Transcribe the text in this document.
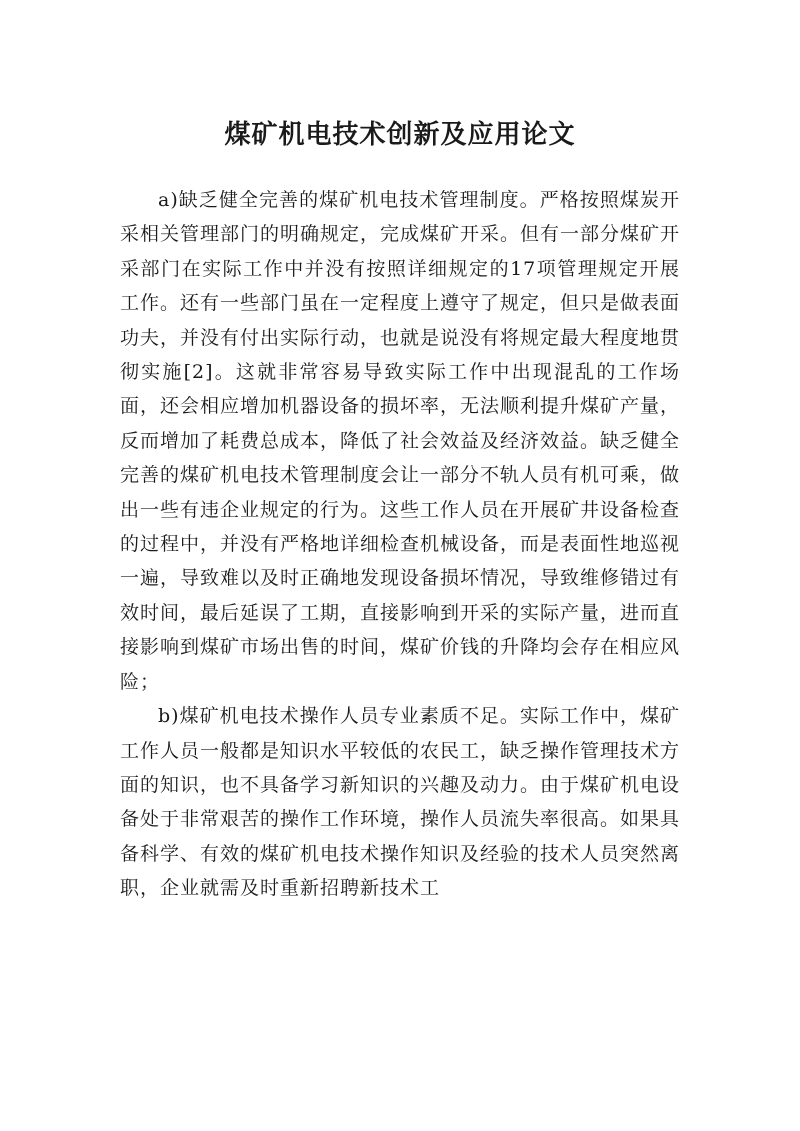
煤矿机电技术创新及应用论文

a)缺乏健全完善的煤矿机电技术管理制度。严格按照煤炭开采相关管理部门的明确规定，完成煤矿开采。但有一部分煤矿开采部门在实际工作中并没有按照详细规定的17项管理规定开展工作。还有一些部门虽在一定程度上遵守了规定，但只是做表面功夫，并没有付出实际行动，也就是说没有将规定最大程度地贯彻实施[2]。这就非常容易导致实际工作中出现混乱的工作场面，还会相应增加机器设备的损坏率，无法顺利提升煤矿产量，反而增加了耗费总成本，降低了社会效益及经济效益。缺乏健全完善的煤矿机电技术管理制度会让一部分不轨人员有机可乘，做出一些有违企业规定的行为。这些工作人员在开展矿井设备检查的过程中，并没有严格地详细检查机械设备，而是表面性地巡视一遍，导致难以及时正确地发现设备损坏情况，导致维修错过有效时间，最后延误了工期，直接影响到开采的实际产量，进而直接影响到煤矿市场出售的时间，煤矿价钱的升降均会存在相应风险；

b)煤矿机电技术操作人员专业素质不足。实际工作中，煤矿工作人员一般都是知识水平较低的农民工，缺乏操作管理技术方面的知识，也不具备学习新知识的兴趣及动力。由于煤矿机电设备处于非常艰苦的操作工作环境，操作人员流失率很高。如果具备科学、有效的煤矿机电技术操作知识及经验的技术人员突然离职，企业就需及时重新招聘新技术工
